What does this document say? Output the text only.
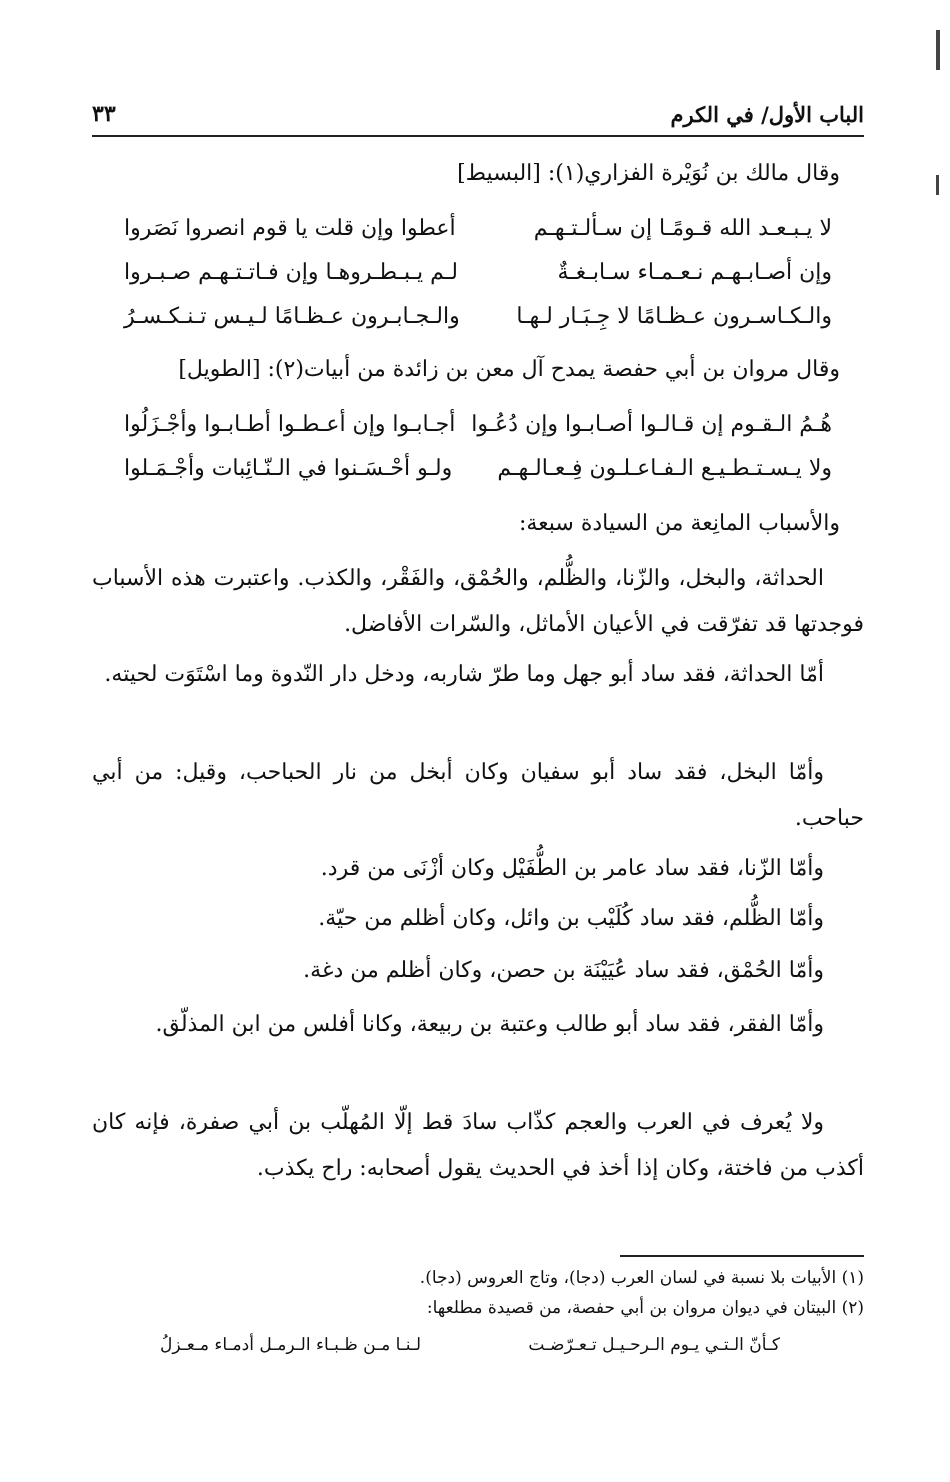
٣٣	الباب الأول/ في الكرم
وقال مالك بن نُوَيْرة الفزاري(١): [البسيط]
لا يـبـعـد الله قـومًـا إن سـألـتـهـم
أعطوا وإن قلت يا قوم انصروا نَصَروا
وإن أصـابـهـم نـعـمـاء سـابـغـةٌ
لـم يـبـطـروهـا وإن فـاتـتـهـم صـبـروا
والـكـاسـرون عـظـامًا لا جِـبَـار لـهـا
والـجـابـرون عـظـامًا لـيـس تـنـكـسـرُ
وقال مروان بن أبي حفصة يمدح آل معن بن زائدة من أبيات(٢): [الطويل]
هُـمُ الـقـوم إن قـالـوا أصـابـوا وإن دُعُـوا
أجـابـوا وإن أعـطـوا أطـابـوا وأجْـزَلُوا
ولا يـسـتـطـيـع الـفـاعـلـون فِـعـالـهـم
ولـو أحْـسَـنوا في الـنّـائِبات وأجْـمَـلوا
والأسباب المانِعة من السيادة سبعة:
الحداثة، والبخل، والزّنا، والظُّلم، والحُمْق، والفَقْر، والكذب. واعتبرت هذه الأسباب فوجدتها قد تفرّقت في الأعيان الأماثل، والسّرات الأفاضل.
أمّا الحداثة، فقد ساد أبو جهل وما طرّ شاربه، ودخل دار النّدوة وما اسْتَوَت لحيته.
وأمّا البخل، فقد ساد أبو سفيان وكان أبخل من نار الحباحب، وقيل: من أبي حباحب.
وأمّا الزّنا، فقد ساد عامر بن الطُّفَيْل وكان أزْنَى من قرد.
وأمّا الظُّلم، فقد ساد كُلَيْب بن وائل، وكان أظلم من حيّة.
وأمّا الحُمْق، فقد ساد عُيَيْنَة بن حصن، وكان أظلم من دغة.
وأمّا الفقر، فقد ساد أبو طالب وعتبة بن ربيعة، وكانا أفلس من ابن المذلّق.
ولا يُعرف في العرب والعجم كذّاب سادَ قط إلّا المُهلّب بن أبي صفرة، فإنه كان أكذب من فاختة، وكان إذا أخذ في الحديث يقول أصحابه: راح يكذب.
(١) الأبيات بلا نسبة في لسان العرب (دجا)، وتاج العروس (دجا).
(٢) البيتان في ديوان مروان بن أبي حفصة، من قصيدة مطلعها:
كـأنّ الـتـي يـوم الـرحـيـل تـعـرّضـت
لـنـا مـن ظـبـاء الـرمـل أدمـاء مـعـزلُ
